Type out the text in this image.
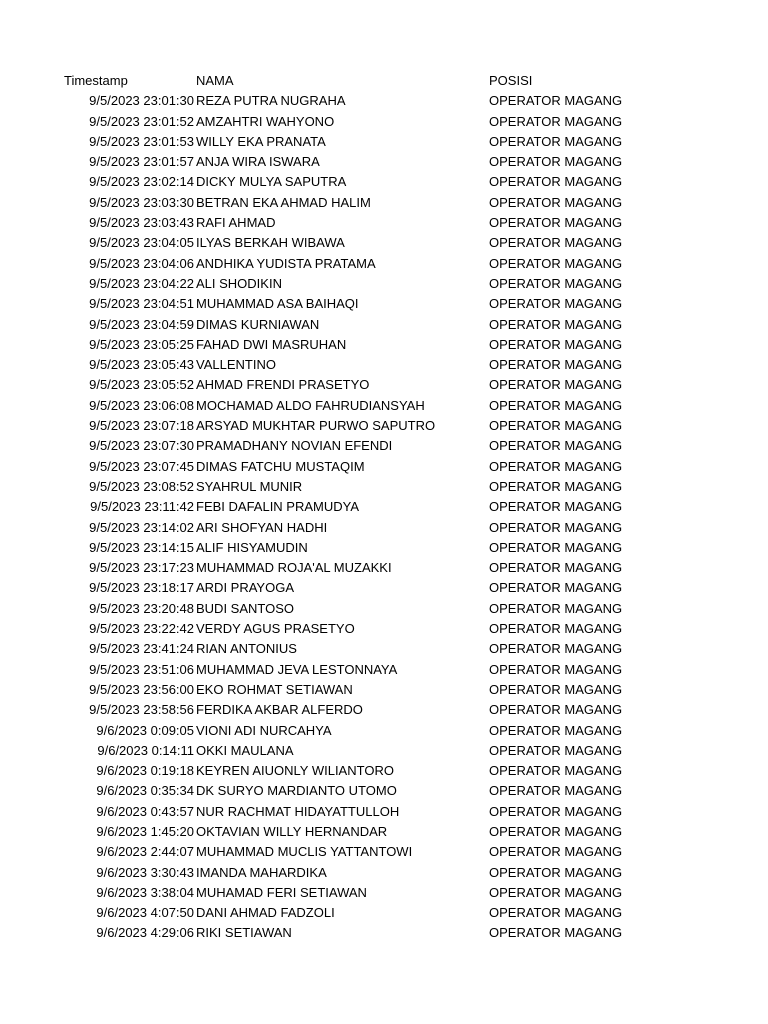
Timestamp	NAMA	POSISI
9/5/2023 23:01:30 REZA PUTRA NUGRAHA	OPERATOR MAGANG
9/5/2023 23:01:52 AMZAHTRI WAHYONO	OPERATOR MAGANG
9/5/2023 23:01:53 WILLY EKA PRANATA	OPERATOR MAGANG
9/5/2023 23:01:57 ANJA WIRA ISWARA	OPERATOR MAGANG
9/5/2023 23:02:14 DICKY MULYA SAPUTRA	OPERATOR MAGANG
9/5/2023 23:03:30 BETRAN EKA AHMAD HALIM	OPERATOR MAGANG
9/5/2023 23:03:43 RAFI AHMAD	OPERATOR MAGANG
9/5/2023 23:04:05 ILYAS BERKAH WIBAWA	OPERATOR MAGANG
9/5/2023 23:04:06 ANDHIKA YUDISTA PRATAMA	OPERATOR MAGANG
9/5/2023 23:04:22 ALI SHODIKIN	OPERATOR MAGANG
9/5/2023 23:04:51 MUHAMMAD ASA BAIHAQI	OPERATOR MAGANG
9/5/2023 23:04:59 DIMAS KURNIAWAN	OPERATOR MAGANG
9/5/2023 23:05:25 FAHAD DWI MASRUHAN	OPERATOR MAGANG
9/5/2023 23:05:43 VALLENTINO	OPERATOR MAGANG
9/5/2023 23:05:52 AHMAD FRENDI PRASETYO	OPERATOR MAGANG
9/5/2023 23:06:08 MOCHAMAD ALDO FAHRUDIANSYAH	OPERATOR MAGANG
9/5/2023 23:07:18 ARSYAD MUKHTAR PURWO SAPUTRO	OPERATOR MAGANG
9/5/2023 23:07:30 PRAMADHANY NOVIAN EFENDI	OPERATOR MAGANG
9/5/2023 23:07:45 DIMAS FATCHU MUSTAQIM	OPERATOR MAGANG
9/5/2023 23:08:52 SYAHRUL MUNIR	OPERATOR MAGANG
9/5/2023 23:11:42 FEBI DAFALIN PRAMUDYA	OPERATOR MAGANG
9/5/2023 23:14:02 ARI SHOFYAN HADHI	OPERATOR MAGANG
9/5/2023 23:14:15 ALIF HISYAMUDIN	OPERATOR MAGANG
9/5/2023 23:17:23 MUHAMMAD ROJA'AL MUZAKKI	OPERATOR MAGANG
9/5/2023 23:18:17 ARDI PRAYOGA	OPERATOR MAGANG
9/5/2023 23:20:48 BUDI SANTOSO	OPERATOR MAGANG
9/5/2023 23:22:42 VERDY AGUS PRASETYO	OPERATOR MAGANG
9/5/2023 23:41:24 RIAN ANTONIUS	OPERATOR MAGANG
9/5/2023 23:51:06 MUHAMMAD JEVA LESTONNAYA	OPERATOR MAGANG
9/5/2023 23:56:00 EKO ROHMAT SETIAWAN	OPERATOR MAGANG
9/5/2023 23:58:56 FERDIKA AKBAR ALFERDO	OPERATOR MAGANG
9/6/2023 0:09:05 VIONI ADI NURCAHYA	OPERATOR MAGANG
9/6/2023 0:14:11 OKKI MAULANA	OPERATOR MAGANG
9/6/2023 0:19:18 KEYREN AIUONLY WILIANTORO	OPERATOR MAGANG
9/6/2023 0:35:34 DK SURYO MARDIANTO UTOMO	OPERATOR MAGANG
9/6/2023 0:43:57 NUR RACHMAT HIDAYATTULLOH	OPERATOR MAGANG
9/6/2023 1:45:20 OKTAVIAN WILLY HERNANDAR	OPERATOR MAGANG
9/6/2023 2:44:07 MUHAMMAD MUCLIS YATTANTOWI	OPERATOR MAGANG
9/6/2023 3:30:43 IMANDA MAHARDIKA	OPERATOR MAGANG
9/6/2023 3:38:04 MUHAMAD FERI SETIAWAN	OPERATOR MAGANG
9/6/2023 4:07:50 DANI AHMAD FADZOLI	OPERATOR MAGANG
9/6/2023 4:29:06 RIKI SETIAWAN	OPERATOR MAGANG
